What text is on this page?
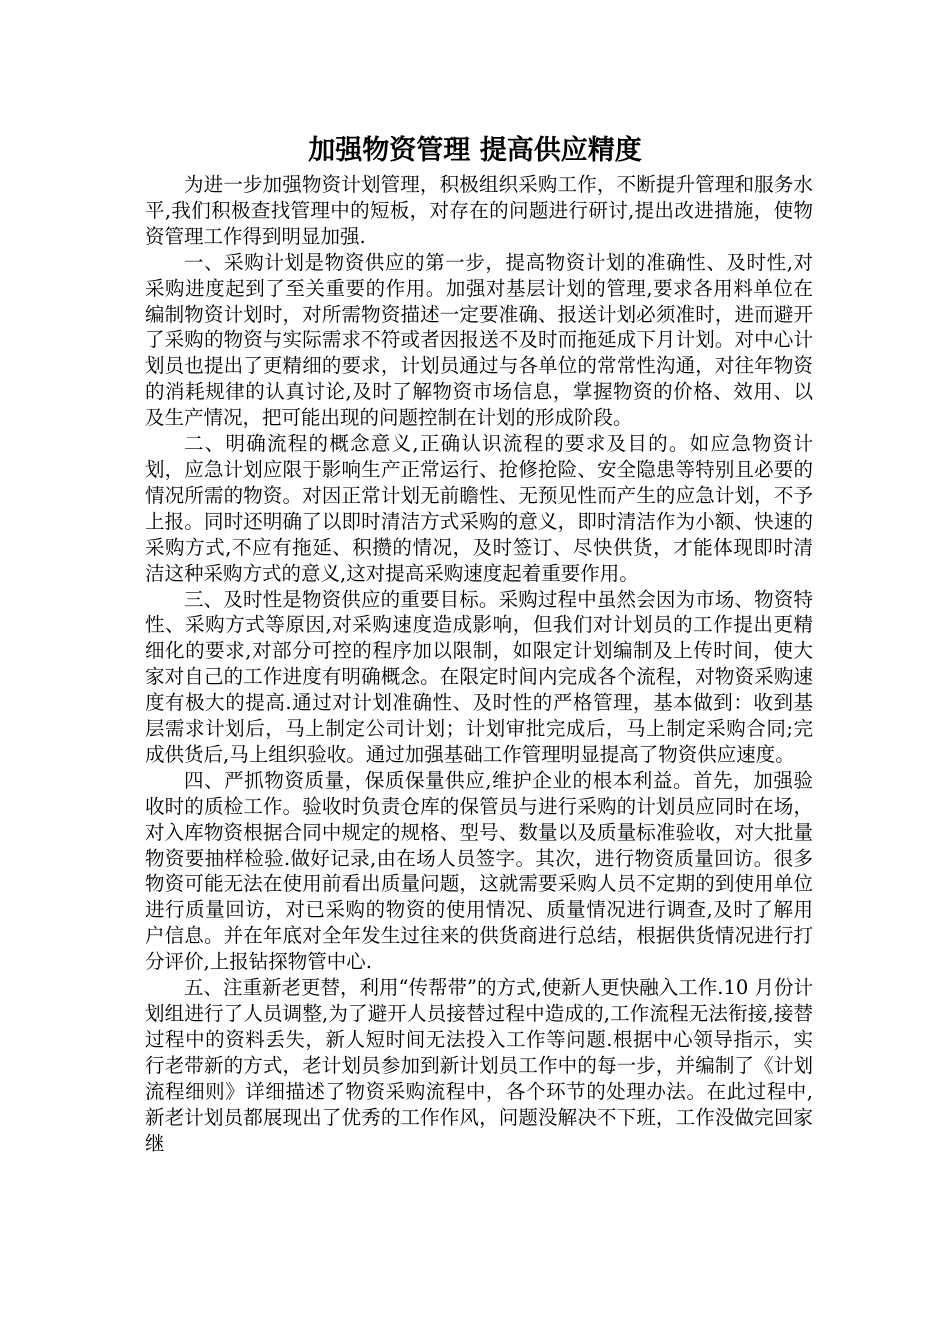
加强物资管理 提高供应精度

为进一步加强物资计划管理，积极组织采购工作，不断提升管理和服务水平,我们积极查找管理中的短板，对存在的问题进行研讨,提出改进措施，使物资管理工作得到明显加强.

一、采购计划是物资供应的第一步，提高物资计划的准确性、及时性,对采购进度起到了至关重要的作用。加强对基层计划的管理,要求各用料单位在编制物资计划时，对所需物资描述一定要准确、报送计划必须准时，进而避开了采购的物资与实际需求不符或者因报送不及时而拖延成下月计划。对中心计划员也提出了更精细的要求，计划员通过与各单位的常常性沟通，对往年物资的消耗规律的认真讨论,及时了解物资市场信息，掌握物资的价格、效用、以及生产情况，把可能出现的问题控制在计划的形成阶段。

二、明确流程的概念意义,正确认识流程的要求及目的。如应急物资计划，应急计划应限于影响生产正常运行、抢修抢险、安全隐患等特别且必要的情况所需的物资。对因正常计划无前瞻性、无预见性而产生的应急计划，不予上报。同时还明确了以即时清洁方式采购的意义，即时清洁作为小额、快速的采购方式,不应有拖延、积攒的情况，及时签订、尽快供货，才能体现即时清洁这种采购方式的意义,这对提高采购速度起着重要作用。

三、及时性是物资供应的重要目标。采购过程中虽然会因为市场、物资特性、采购方式等原因,对采购速度造成影响，但我们对计划员的工作提出更精细化的要求,对部分可控的程序加以限制，如限定计划编制及上传时间，使大家对自己的工作进度有明确概念。在限定时间内完成各个流程，对物资采购速度有极大的提高.通过对计划准确性、及时性的严格管理，基本做到：收到基层需求计划后，马上制定公司计划；计划审批完成后，马上制定采购合同;完成供货后,马上组织验收。通过加强基础工作管理明显提高了物资供应速度。

四、严抓物资质量，保质保量供应,维护企业的根本利益。首先，加强验收时的质检工作。验收时负责仓库的保管员与进行采购的计划员应同时在场，对入库物资根据合同中规定的规格、型号、数量以及质量标准验收，对大批量物资要抽样检验.做好记录,由在场人员签字。其次，进行物资质量回访。很多物资可能无法在使用前看出质量问题，这就需要采购人员不定期的到使用单位进行质量回访，对已采购的物资的使用情况、质量情况进行调查,及时了解用户信息。并在年底对全年发生过往来的供货商进行总结，根据供货情况进行打分评价,上报钻探物管中心.

五、注重新老更替，利用“传帮带”的方式,使新人更快融入工作.10 月份计划组进行了人员调整,为了避开人员接替过程中造成的,工作流程无法衔接,接替过程中的资料丢失，新人短时间无法投入工作等问题.根据中心领导指示，实行老带新的方式，老计划员参加到新计划员工作中的每一步，并编制了《计划流程细则》详细描述了物资采购流程中，各个环节的处理办法。在此过程中,新老计划员都展现出了优秀的工作作风，问题没解决不下班，工作没做完回家继
